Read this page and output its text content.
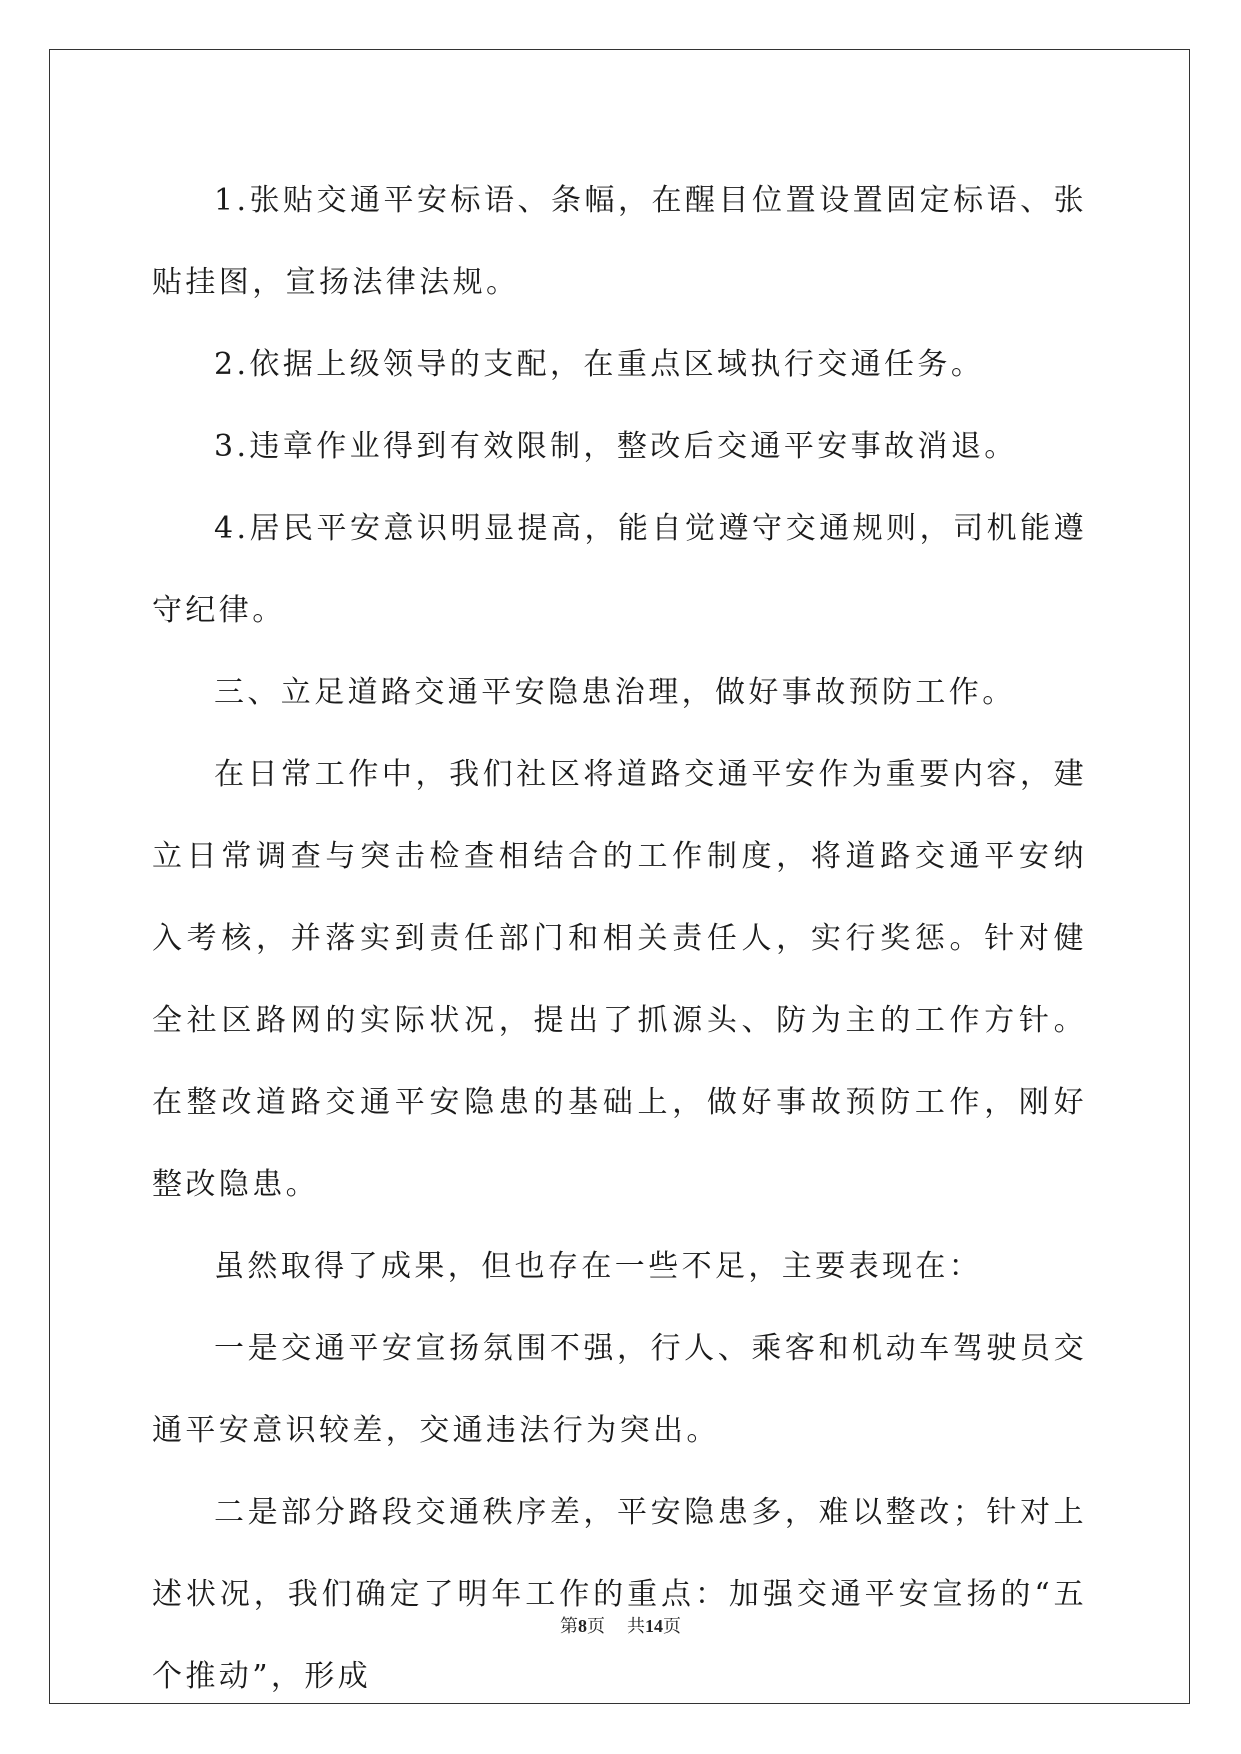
1.张贴交通平安标语、条幅，在醒目位置设置固定标语、张贴挂图，宣扬法律法规。

2.依据上级领导的支配，在重点区域执行交通任务。

3.违章作业得到有效限制，整改后交通平安事故消退。

4.居民平安意识明显提高，能自觉遵守交通规则，司机能遵守纪律。

三、立足道路交通平安隐患治理，做好事故预防工作。

在日常工作中，我们社区将道路交通平安作为重要内容，建立日常调查与突击检查相结合的工作制度，将道路交通平安纳入考核，并落实到责任部门和相关责任人，实行奖惩。针对健全社区路网的实际状况，提出了抓源头、防为主的工作方针。在整改道路交通平安隐患的基础上，做好事故预防工作，刚好整改隐患。

虽然取得了成果，但也存在一些不足，主要表现在：

一是交通平安宣扬氛围不强，行人、乘客和机动车驾驶员交通平安意识较差，交通违法行为突出。

二是部分路段交通秩序差，平安隐患多，难以整改；针对上述状况，我们确定了明年工作的重点：加强交通平安宣扬的“五个推动”，形成

第8页 共14页
